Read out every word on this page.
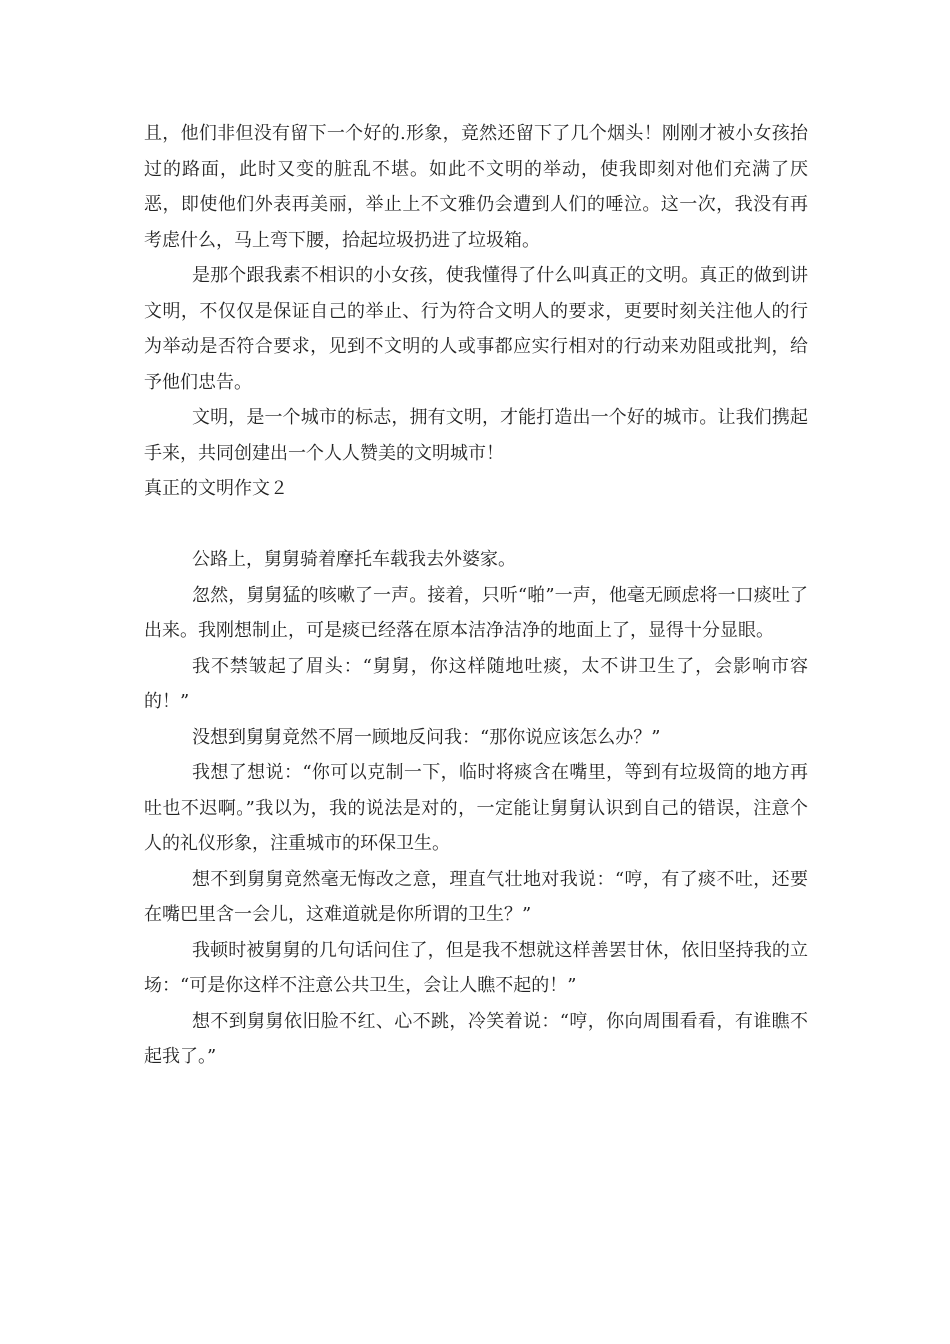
且，他们非但没有留下一个好的.形象，竟然还留下了几个烟头！刚刚才被小女孩抬过的路面，此时又变的脏乱不堪。如此不文明的举动，使我即刻对他们充满了厌恶，即使他们外表再美丽，举止上不文雅仍会遭到人们的唾泣。这一次，我没有再考虑什么，马上弯下腰，拾起垃圾扔进了垃圾箱。

是那个跟我素不相识的小女孩，使我懂得了什么叫真正的文明。真正的做到讲文明，不仅仅是保证自己的举止、行为符合文明人的要求，更要时刻关注他人的行为举动是否符合要求，见到不文明的人或事都应实行相对的行动来劝阻或批判，给予他们忠告。

文明，是一个城市的标志，拥有文明，才能打造出一个好的城市。让我们携起手来，共同创建出一个人人赞美的文明城市！

真正的文明作文２

公路上，舅舅骑着摩托车载我去外婆家。

忽然，舅舅猛的咳嗽了一声。接着，只听“啪”一声，他毫无顾虑将一口痰吐了出来。我刚想制止，可是痰已经落在原本洁净洁净的地面上了，显得十分显眼。

我不禁皱起了眉头：“舅舅，你这样随地吐痰，太不讲卫生了，会影响市容的！”

没想到舅舅竟然不屑一顾地反问我：“那你说应该怎么办？”

我想了想说：“你可以克制一下，临时将痰含在嘴里，等到有垃圾筒的地方再吐也不迟啊。”我以为，我的说法是对的，一定能让舅舅认识到自己的错误，注意个人的礼仪形象，注重城市的环保卫生。

想不到舅舅竟然毫无悔改之意，理直气壮地对我说：“哼，有了痰不吐，还要在嘴巴里含一会儿，这难道就是你所谓的卫生？”

我顿时被舅舅的几句话问住了，但是我不想就这样善罢甘休，依旧坚持我的立场：“可是你这样不注意公共卫生，会让人瞧不起的！”

想不到舅舅依旧脸不红、心不跳，冷笑着说：“哼，你向周围看看，有谁瞧不起我了。”
